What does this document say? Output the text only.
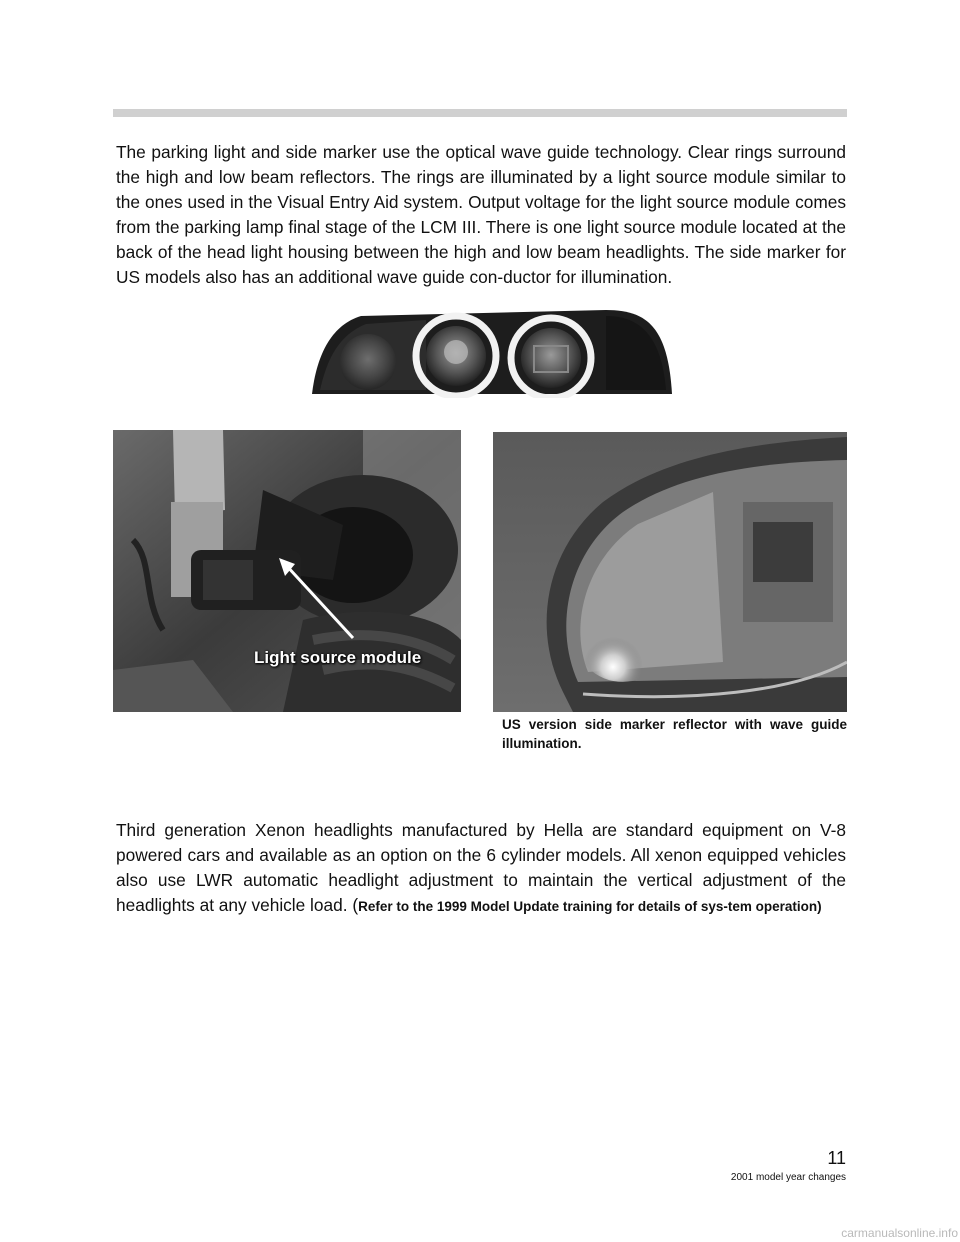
The parking light and side marker use the optical wave guide technology. Clear rings surround the high and low beam reflectors. The rings are illuminated by a light source module similar to the ones used in the Visual Entry Aid system. Output voltage for the light source module comes from the parking lamp final stage of the LCM III. There is one light source module located at the back of the head light housing between the high and low beam headlights. The side marker for US models also has an additional wave guide con-ductor for illumination.

Light source module

US version side marker reflector with wave guide illumination.

Third generation Xenon headlights manufactured by Hella are standard equipment on V-8 powered cars and available as an option on the 6 cylinder models. All xenon equipped vehicles also use LWR automatic headlight adjustment to maintain the vertical adjustment of the headlights at any vehicle load. (Refer to the 1999 Model Update training for details of sys-tem operation)

11
2001 model year changes
carmanualsonline.info
